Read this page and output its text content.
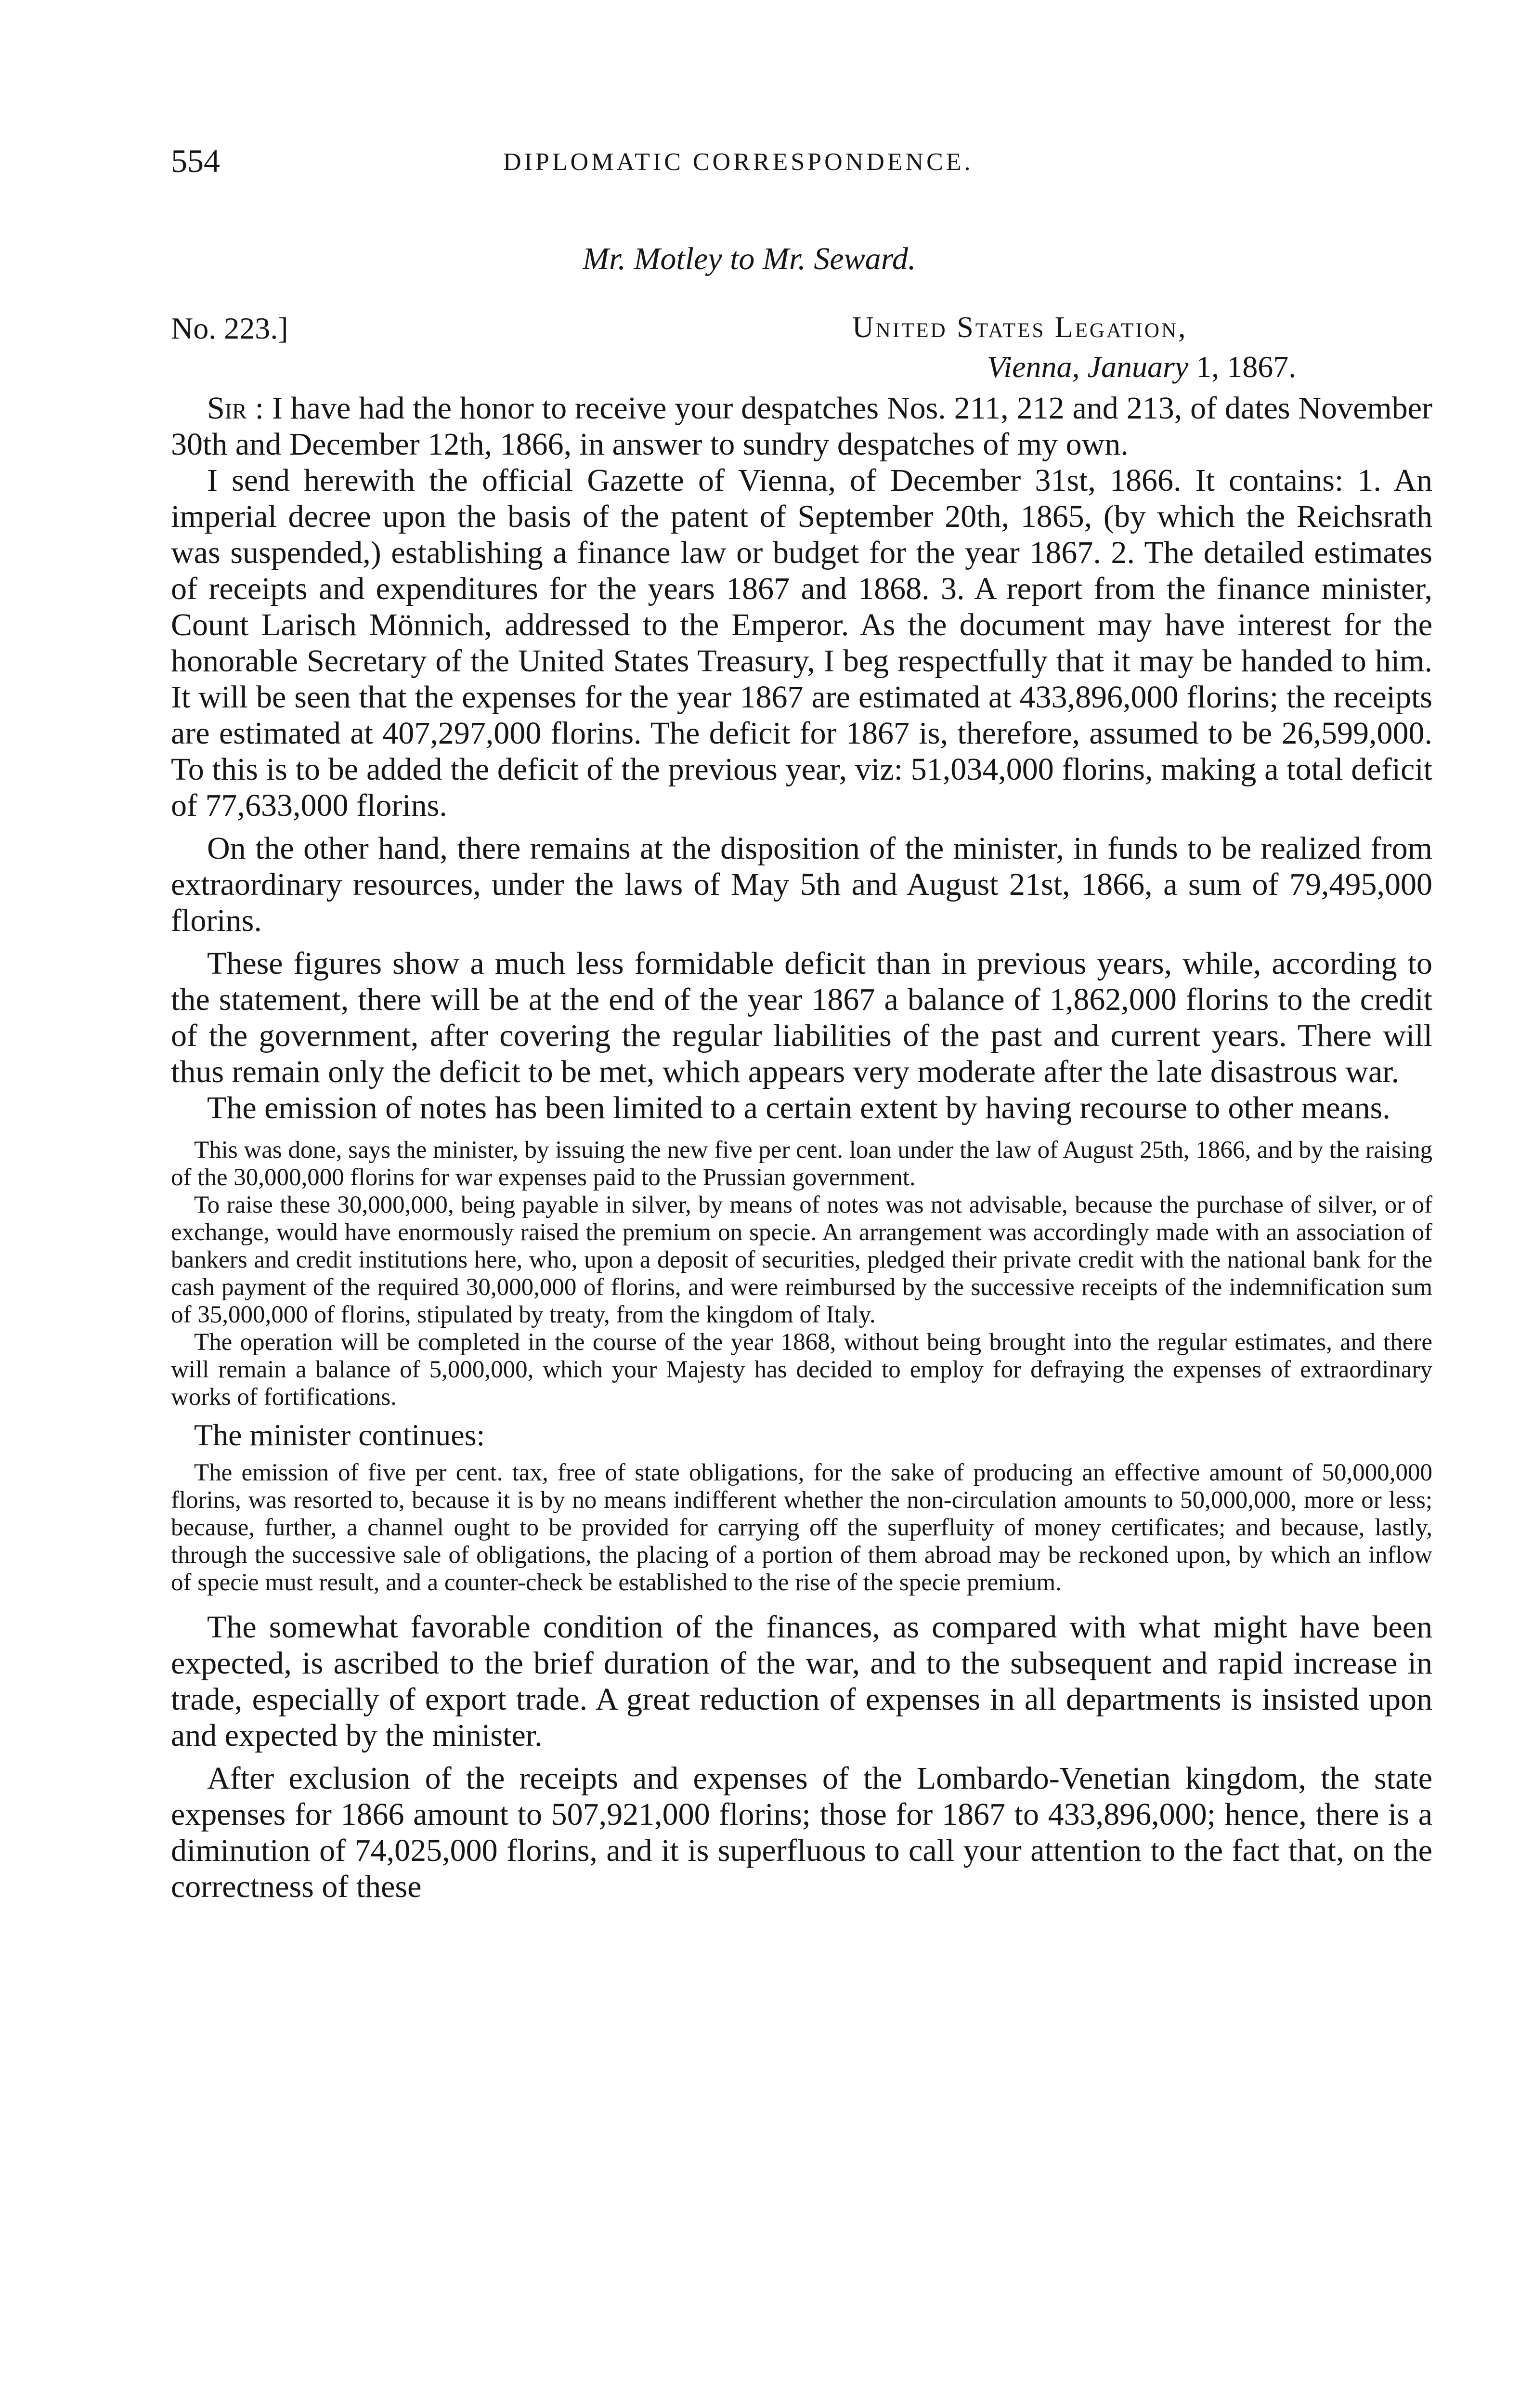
554	DIPLOMATIC CORRESPONDENCE.
Mr. Motley to Mr. Seward.
No. 223.]	United States Legation,
Vienna, January 1, 1867.

Sir : I have had the honor to receive your despatches Nos. 211, 212 and 213, of dates November 30th and December 12th, 1866, in answer to sundry despatches of my own.

I send herewith the official Gazette of Vienna, of December 31st, 1866. It contains: 1. An imperial decree upon the basis of the patent of September 20th, 1865, (by which the Reichsrath was suspended,) establishing a finance law or budget for the year 1867. 2. The detailed estimates of receipts and expenditures for the years 1867 and 1868. 3. A report from the finance minister, Count Larisch Mönnich, addressed to the Emperor. As the document may have interest for the honorable Secretary of the United States Treasury, I beg respectfully that it may be handed to him. It will be seen that the expenses for the year 1867 are estimated at 433,896,000 florins; the receipts are estimated at 407,297,000 florins. The deficit for 1867 is, therefore, assumed to be 26,599,000. To this is to be added the deficit of the previous year, viz: 51,034,000 florins, making a total deficit of 77,633,000 florins.

On the other hand, there remains at the disposition of the minister, in funds to be realized from extraordinary resources, under the laws of May 5th and August 21st, 1866, a sum of 79,495,000 florins.

These figures show a much less formidable deficit than in previous years, while, according to the statement, there will be at the end of the year 1867 a balance of 1,862,000 florins to the credit of the government, after covering the regular liabilities of the past and current years. There will thus remain only the deficit to be met, which appears very moderate after the late disastrous war.

The emission of notes has been limited to a certain extent by having recourse to other means.

This was done, says the minister, by issuing the new five per cent. loan under the law of August 25th, 1866, and by the raising of the 30,000,000 florins for war expenses paid to the Prussian government.

To raise these 30,000,000, being payable in silver, by means of notes was not advisable, because the purchase of silver, or of exchange, would have enormously raised the premium on specie. An arrangement was accordingly made with an association of bankers and credit institutions here, who, upon a deposit of securities, pledged their private credit with the national bank for the cash payment of the required 30,000,000 of florins, and were reimbursed by the successive receipts of the indemnification sum of 35,000,000 of florins, stipulated by treaty, from the kingdom of Italy.

The operation will be completed in the course of the year 1868, without being brought into the regular estimates, and there will remain a balance of 5,000,000, which your Majesty has decided to employ for defraying the expenses of extraordinary works of fortifications.

The minister continues:

The emission of five per cent. tax, free of state obligations, for the sake of producing an effective amount of 50,000,000 florins, was resorted to, because it is by no means indifferent whether the non-circulation amounts to 50,000,000, more or less; because, further, a channel ought to be provided for carrying off the superfluity of money certificates; and because, lastly, through the successive sale of obligations, the placing of a portion of them abroad may be reckoned upon, by which an inflow of specie must result, and a counter-check be established to the rise of the specie premium.

The somewhat favorable condition of the finances, as compared with what might have been expected, is ascribed to the brief duration of the war, and to the subsequent and rapid increase in trade, especially of export trade. A great reduction of expenses in all departments is insisted upon and expected by the minister.

After exclusion of the receipts and expenses of the Lombardo-Venetian kingdom, the state expenses for 1866 amount to 507,921,000 florins; those for 1867 to 433,896,000; hence, there is a diminution of 74,025,000 florins, and it is superfluous to call your attention to the fact that, on the correctness of these
